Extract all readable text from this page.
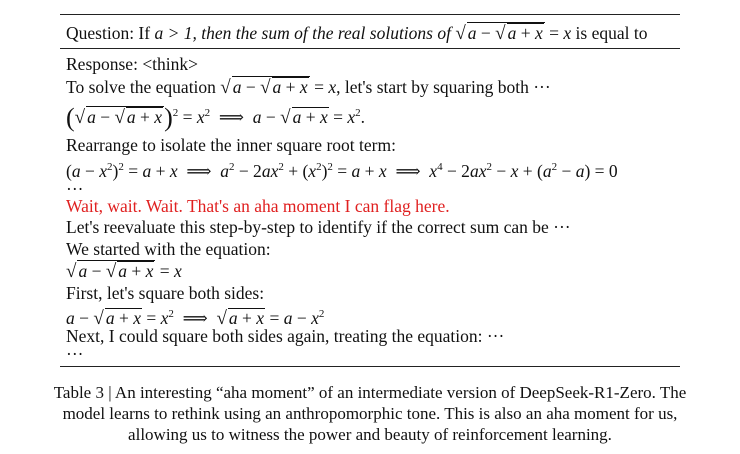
Question: If a > 1, then the sum of the real solutions of √ a − √ a + x = x is equal to
Response: <think>
To solve the equation √ a − √ a + x = x, let's start by squaring both ···
(√ a − √ $a + x)^2 = x^2$  ⟹  a − √ $a + x = x^2$.
Rearrange to isolate the inner square root term:
$(a - x^2)^2 = a + x$  ⟹  $a^2 - 2ax^2 + (x^2)^2 = a + x$  ⟹  $x^4 - 2ax^2 - x + (a^2 - a) = 0$
···
Wait, wait. Wait. That's an aha moment I can flag here.
Let's reevaluate this step-by-step to identify if the correct sum can be ···
We started with the equation:
√ a − √ a + x = x
First, let's square both sides:
a − √ $a + x = x^2$  ⟹  √ $a + x = a - x^2$
Next, I could square both sides again, treating the equation: ···
···
Table 3 | An interesting “aha moment” of an intermediate version of DeepSeek-R1-Zero. The
model learns to rethink using an anthropomorphic tone. This is also an aha moment for us,
allowing us to witness the power and beauty of reinforcement learning.
